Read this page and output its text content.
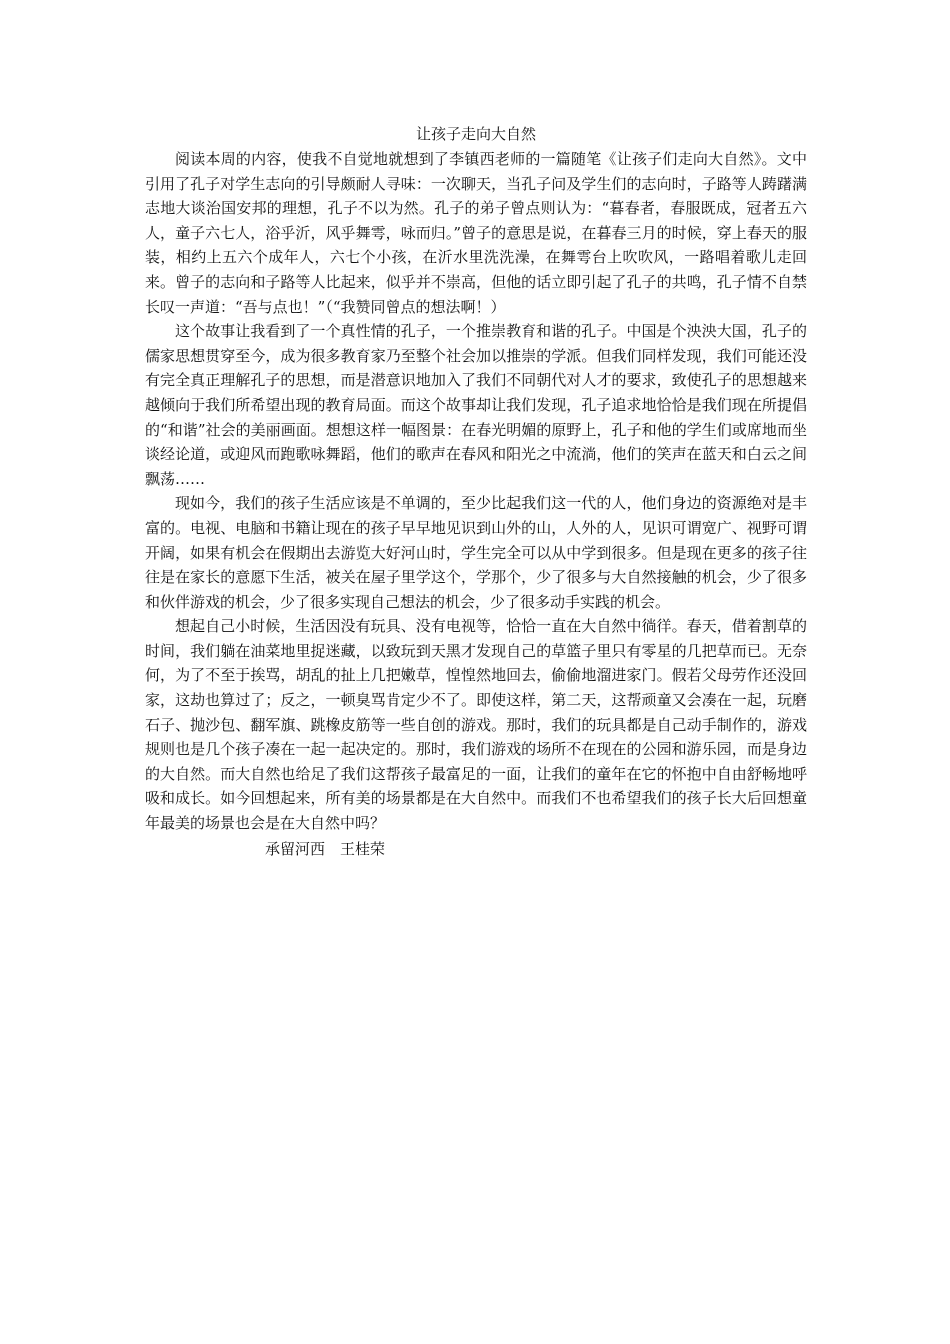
让孩子走向大自然

阅读本周的内容，使我不自觉地就想到了李镇西老师的一篇随笔《让孩子们走向大自然》。文中引用了孔子对学生志向的引导颇耐人寻味：一次聊天，当孔子问及学生们的志向时，子路等人踌躇满志地大谈治国安邦的理想，孔子不以为然。孔子的弟子曾点则认为：“暮春者，春服既成，冠者五六人，童子六七人，浴乎沂，风乎舞雩，咏而归。”曾子的意思是说，在暮春三月的时候，穿上春天的服装，相约上五六个成年人，六七个小孩，在沂水里洗洗澡，在舞雩台上吹吹风，一路唱着歌儿走回来。曾子的志向和子路等人比起来，似乎并不崇高，但他的话立即引起了孔子的共鸣，孔子情不自禁长叹一声道：“吾与点也！”（“我赞同曾点的想法啊！）

这个故事让我看到了一个真性情的孔子，一个推崇教育和谐的孔子。中国是个泱泱大国，孔子的儒家思想贯穿至今，成为很多教育家乃至整个社会加以推崇的学派。但我们同样发现，我们可能还没有完全真正理解孔子的思想，而是潜意识地加入了我们不同朝代对人才的要求，致使孔子的思想越来越倾向于我们所希望出现的教育局面。而这个故事却让我们发现，孔子追求地恰恰是我们现在所提倡的“和谐”社会的美丽画面。想想这样一幅图景：在春光明媚的原野上，孔子和他的学生们或席地而坐谈经论道，或迎风而跑歌咏舞蹈，他们的歌声在春风和阳光之中流淌，他们的笑声在蓝天和白云之间飘荡……

现如今，我们的孩子生活应该是不单调的，至少比起我们这一代的人，他们身边的资源绝对是丰富的。电视、电脑和书籍让现在的孩子早早地见识到山外的山，人外的人，见识可谓宽广、视野可谓开阔，如果有机会在假期出去游览大好河山时，学生完全可以从中学到很多。但是现在更多的孩子往往是在家长的意愿下生活，被关在屋子里学这个，学那个，少了很多与大自然接触的机会，少了很多和伙伴游戏的机会，少了很多实现自己想法的机会，少了很多动手实践的机会。

想起自己小时候，生活因没有玩具、没有电视等，恰恰一直在大自然中徜徉。春天，借着割草的时间，我们躺在油菜地里捉迷藏，以致玩到天黑才发现自己的草篮子里只有零星的几把草而已。无奈何，为了不至于挨骂，胡乱的扯上几把嫩草，惶惶然地回去，偷偷地溜进家门。假若父母劳作还没回家，这劫也算过了；反之，一顿臭骂肯定少不了。即使这样，第二天，这帮顽童又会凑在一起，玩磨石子、抛沙包、翻军旗、跳橡皮筋等一些自创的游戏。那时，我们的玩具都是自己动手制作的，游戏规则也是几个孩子凑在一起一起决定的。那时，我们游戏的场所不在现在的公园和游乐园，而是身边的大自然。而大自然也给足了我们这帮孩子最富足的一面，让我们的童年在它的怀抱中自由舒畅地呼吸和成长。如今回想起来，所有美的场景都是在大自然中。而我们不也希望我们的孩子长大后回想童年最美的场景也会是在大自然中吗？

承留河西　王桂荣
